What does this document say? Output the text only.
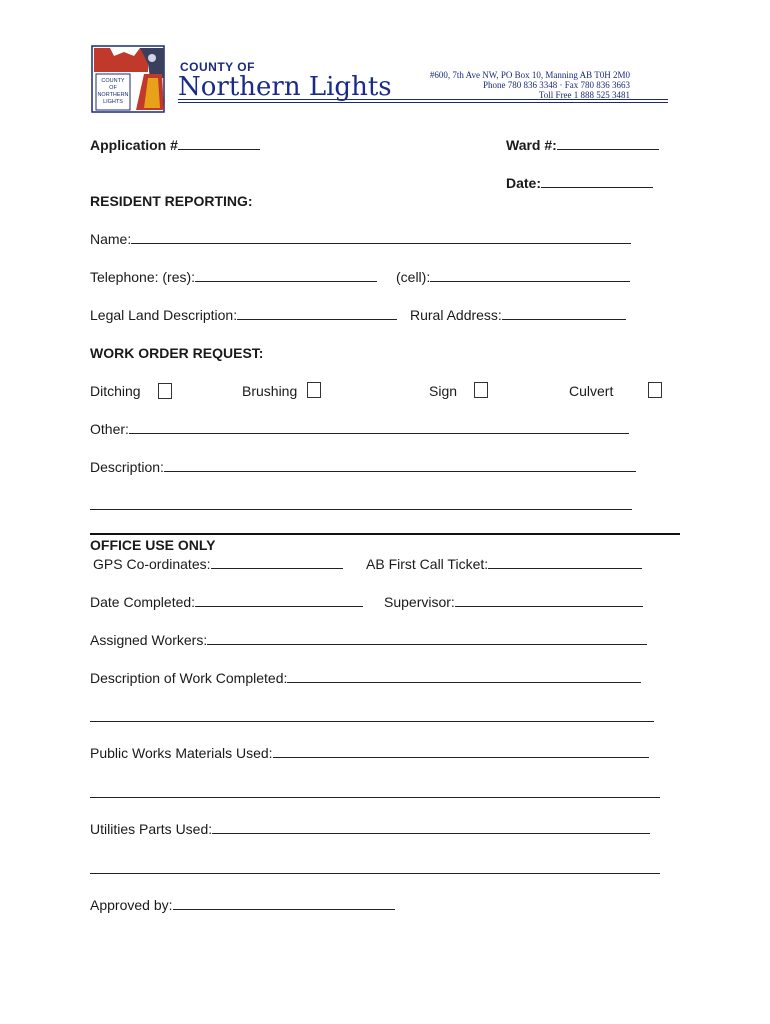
COUNTY
OF
NORTHERN
LIGHTS
COUNTY OF
Northern Lights	#600, 7th Ave NW, PO Box 10, Manning AB T0H 2M0
Phone 780 836 3348 · Fax 780 836 3663
Toll Free 1 888 525 3481
Application #	Ward #:
Date:
RESIDENT REPORTING:
Name:
Telephone: (res):	(cell):
Legal Land Description:	Rural Address:
WORK ORDER REQUEST:
Ditching	Brushing	Sign	Culvert
Other:
Description:
OFFICE USE ONLY
GPS Co-ordinates:	AB First Call Ticket:
Date Completed:	Supervisor:
Assigned Workers:
Description of Work Completed:
Public Works Materials Used:
Utilities Parts Used:
Approved by:
